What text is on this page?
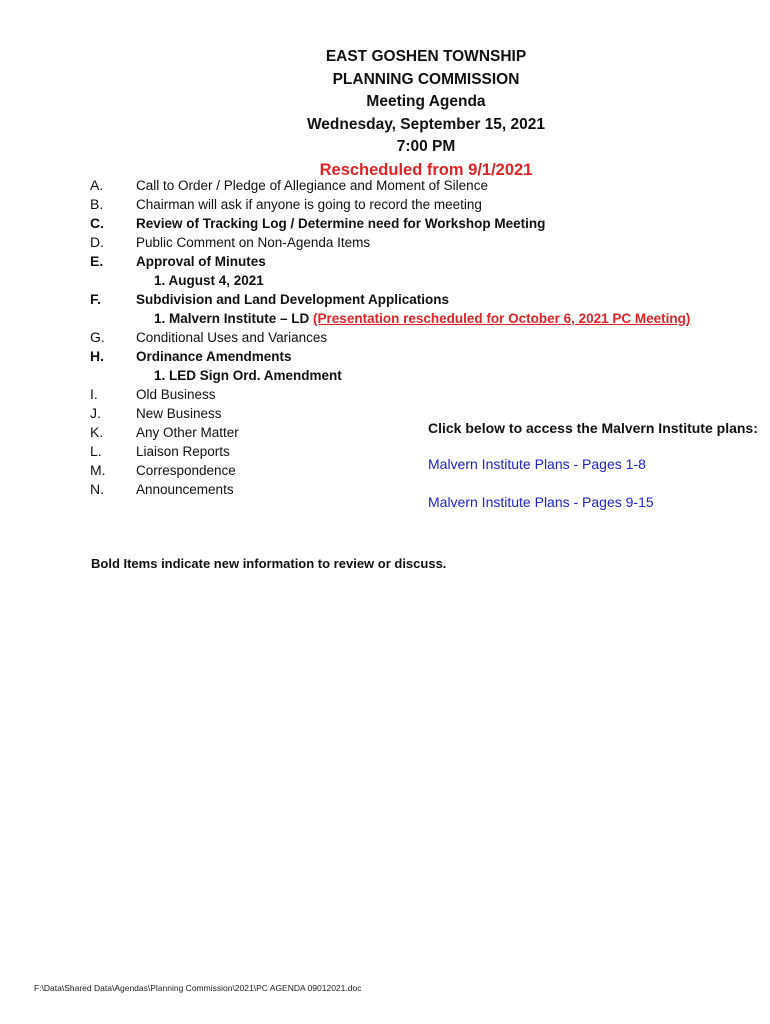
EAST GOSHEN TOWNSHIP
PLANNING COMMISSION
Meeting Agenda
Wednesday, September 15, 2021
7:00 PM
Rescheduled from 9/1/2021
A. Call to Order / Pledge of Allegiance and Moment of Silence
B. Chairman will ask if anyone is going to record the meeting
C. Review of Tracking Log / Determine need for Workshop Meeting
D. Public Comment on Non-Agenda Items
E. Approval of Minutes
1. August 4, 2021
F.	Subdivision and Land Development Applications
1. Malvern Institute – LD (Presentation rescheduled for October 6, 2021 PC Meeting)
G. Conditional Uses and Variances
H. Ordinance Amendments
1. LED Sign Ord. Amendment
I.	Old Business
J.	New Business
K. Any Other Matter
L.	Liaison Reports
M. Correspondence
N. Announcements
Click below to access the Malvern Institute plans:
Malvern Institute Plans - Pages 1-8
Malvern Institute Plans - Pages 9-15
Bold Items indicate new information to review or discuss.
F:\Data\Shared Data\Agendas\Planning Commission\2021\PC AGENDA 09012021.doc
